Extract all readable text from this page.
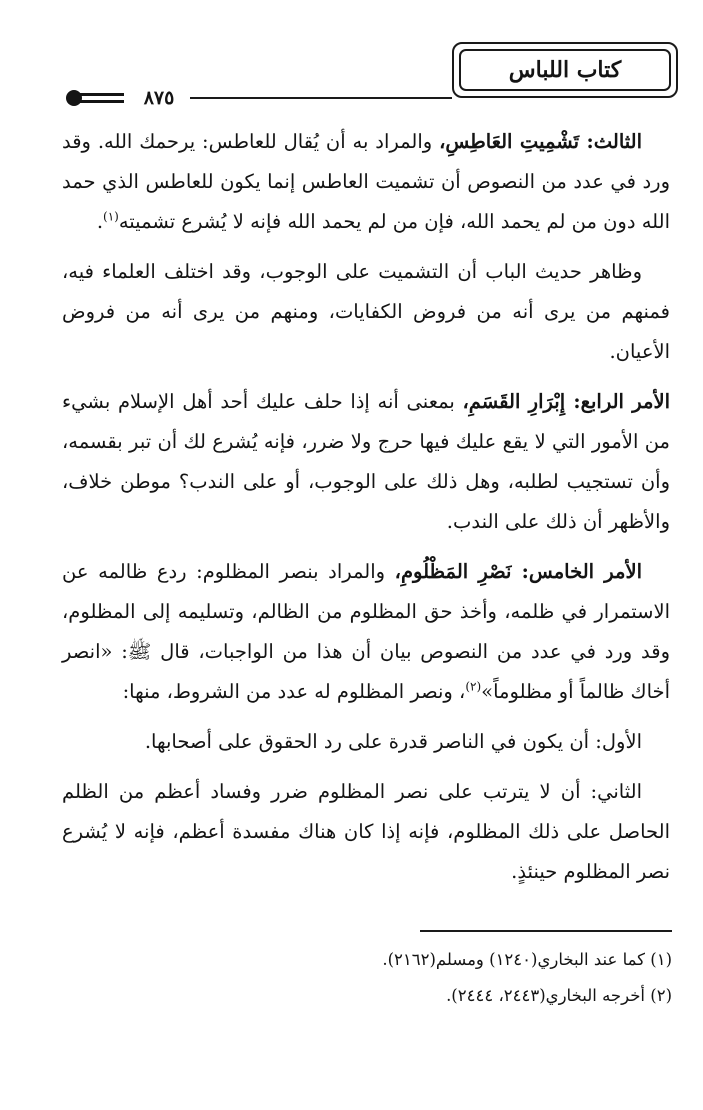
كتاب اللباس
٨٧٥

الثالث: تَشْمِيتِ العَاطِسِ، والمراد به أن يُقال للعاطس: يرحمك الله. وقد ورد في عدد من النصوص أن تشميت العاطس إنما يكون للعاطس الذي حمد الله دون من لم يحمد الله، فإن من لم يحمد الله فإنه لا يُشرع تشميته$^{(١)}$.

وظاهر حديث الباب أن التشميت على الوجوب، وقد اختلف العلماء فيه، فمنهم من يرى أنه من فروض الكفايات، ومنهم من يرى أنه من فروض الأعيان.

الأمر الرابع: إِبْرَارِ القَسَمِ، بمعنى أنه إذا حلف عليك أحد أهل الإسلام بشيء من الأمور التي لا يقع عليك فيها حرج ولا ضرر، فإنه يُشرع لك أن تبر بقسمه، وأن تستجيب لطلبه، وهل ذلك على الوجوب، أو على الندب؟ موطن خلاف، والأظهر أن ذلك على الندب.

الأمر الخامس: نَصْرِ المَظْلُومِ، والمراد بنصر المظلوم: ردع ظالمه عن الاستمرار في ظلمه، وأخذ حق المظلوم من الظالم، وتسليمه إلى المظلوم، وقد ورد في عدد من النصوص بيان أن هذا من الواجبات، قال ﷺ: «انصر أخاك ظالماً أو مظلوماً»$^{(٢)}$، ونصر المظلوم له عدد من الشروط، منها:

الأول: أن يكون في الناصر قدرة على رد الحقوق على أصحابها.

الثاني: أن لا يترتب على نصر المظلوم ضرر وفساد أعظم من الظلم الحاصل على ذلك المظلوم، فإنه إذا كان هناك مفسدة أعظم، فإنه لا يُشرع نصر المظلوم حينئذٍ.

(١) كما عند البخاري(١٢٤٠) ومسلم(٢١٦٢).

(٢) أخرجه البخاري(٢٤٤٣، ٢٤٤٤).
